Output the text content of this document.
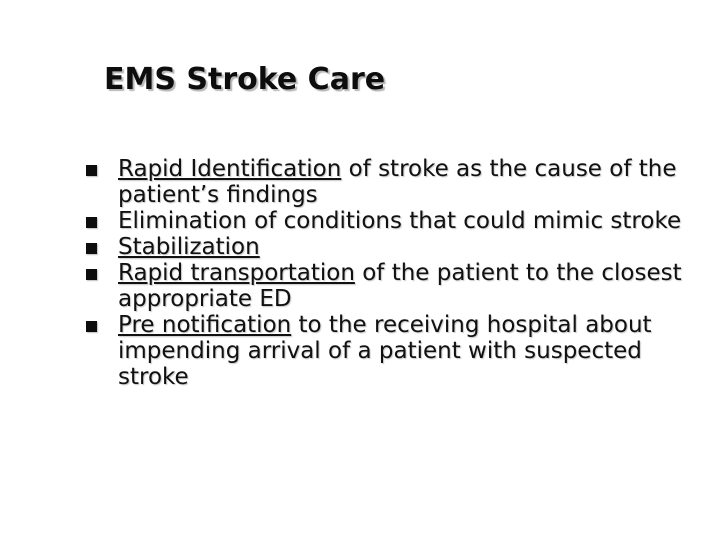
EMS Stroke Care
Rapid Identification of stroke as the cause of the patient’s findings
Elimination of conditions that could mimic stroke
Stabilization
Rapid transportation of the patient to the closest appropriate ED
Pre notification to the receiving hospital about impending arrival of a patient with suspected stroke
